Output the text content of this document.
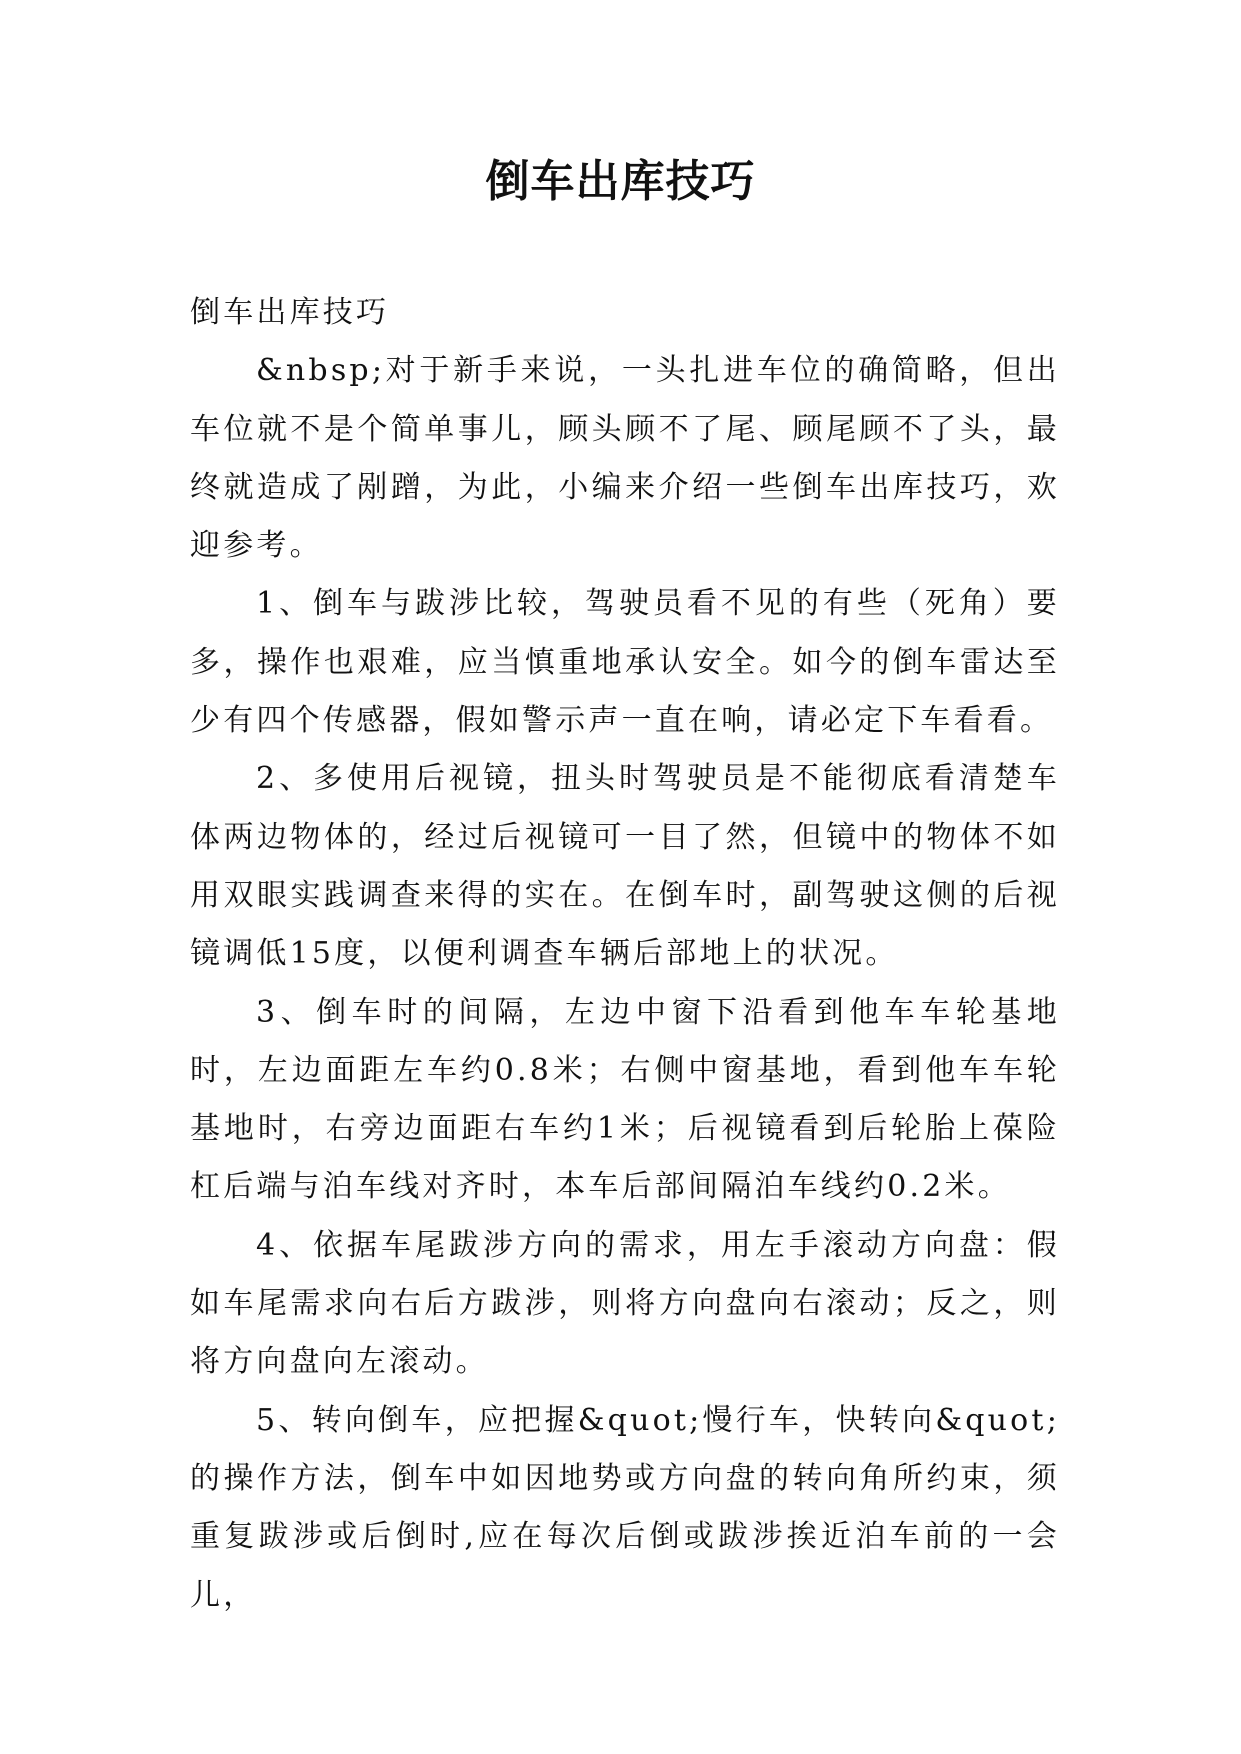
倒车出库技巧

倒车出库技巧

&nbsp;对于新手来说，一头扎进车位的确简略，但出车位就不是个简单事儿，顾头顾不了尾、顾尾顾不了头，最终就造成了剐蹭，为此，小编来介绍一些倒车出库技巧，欢迎参考。

1、倒车与跋涉比较，驾驶员看不见的有些（死角）要多，操作也艰难，应当慎重地承认安全。如今的倒车雷达至少有四个传感器，假如警示声一直在响，请必定下车看看。

2、多使用后视镜，扭头时驾驶员是不能彻底看清楚车体两边物体的，经过后视镜可一目了然，但镜中的物体不如用双眼实践调查来得的实在。在倒车时，副驾驶这侧的后视镜调低15度，以便利调查车辆后部地上的状况。

3、倒车时的间隔，左边中窗下沿看到他车车轮基地时，左边面距左车约0.8米；右侧中窗基地，看到他车车轮基地时，右旁边面距右车约1米；后视镜看到后轮胎上葆险杠后端与泊车线对齐时，本车后部间隔泊车线约0.2米。

4、依据车尾跋涉方向的需求，用左手滚动方向盘：假如车尾需求向右后方跋涉，则将方向盘向右滚动；反之，则将方向盘向左滚动。

5、转向倒车，应把握&quot;慢行车，快转向&quot;的操作方法，倒车中如因地势或方向盘的转向角所约束，须重复跋涉或后倒时,应在每次后倒或跋涉挨近泊车前的一会儿，
